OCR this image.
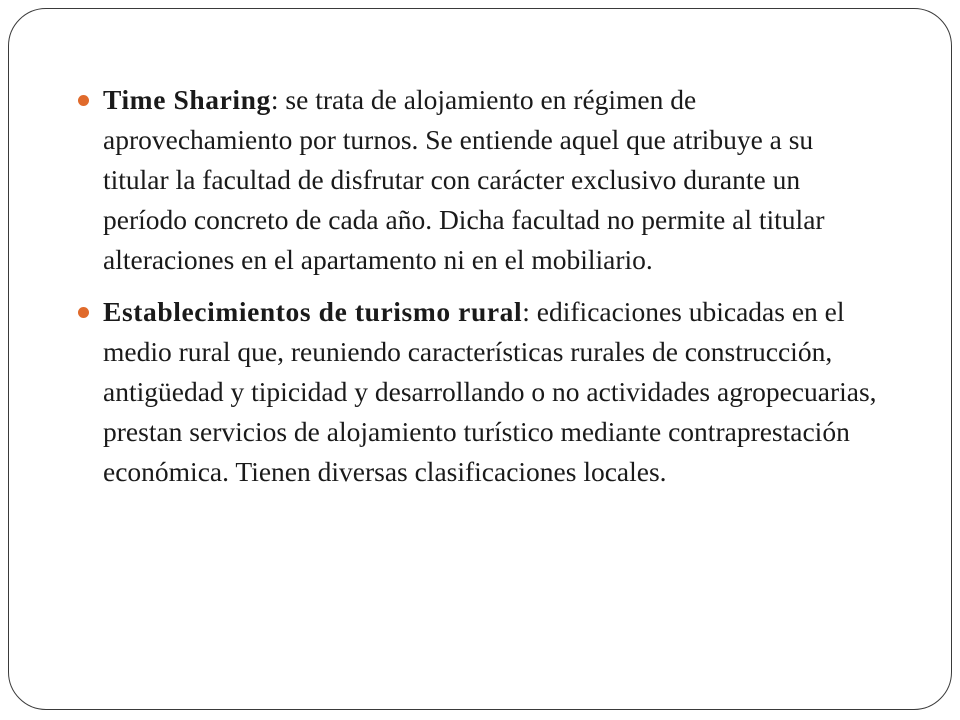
Time Sharing: se trata de alojamiento en régimen de aprovechamiento por turnos. Se entiende aquel que atribuye a su titular la facultad de disfrutar con carácter exclusivo durante un período concreto de cada año. Dicha facultad no permite al titular alteraciones en el apartamento ni en el mobiliario.
Establecimientos de turismo rural: edificaciones ubicadas en el medio rural que, reuniendo características rurales de construcción, antigüedad y tipicidad y desarrollando o no actividades agropecuarias, prestan servicios de alojamiento turístico mediante contraprestación económica. Tienen diversas clasificaciones locales.
